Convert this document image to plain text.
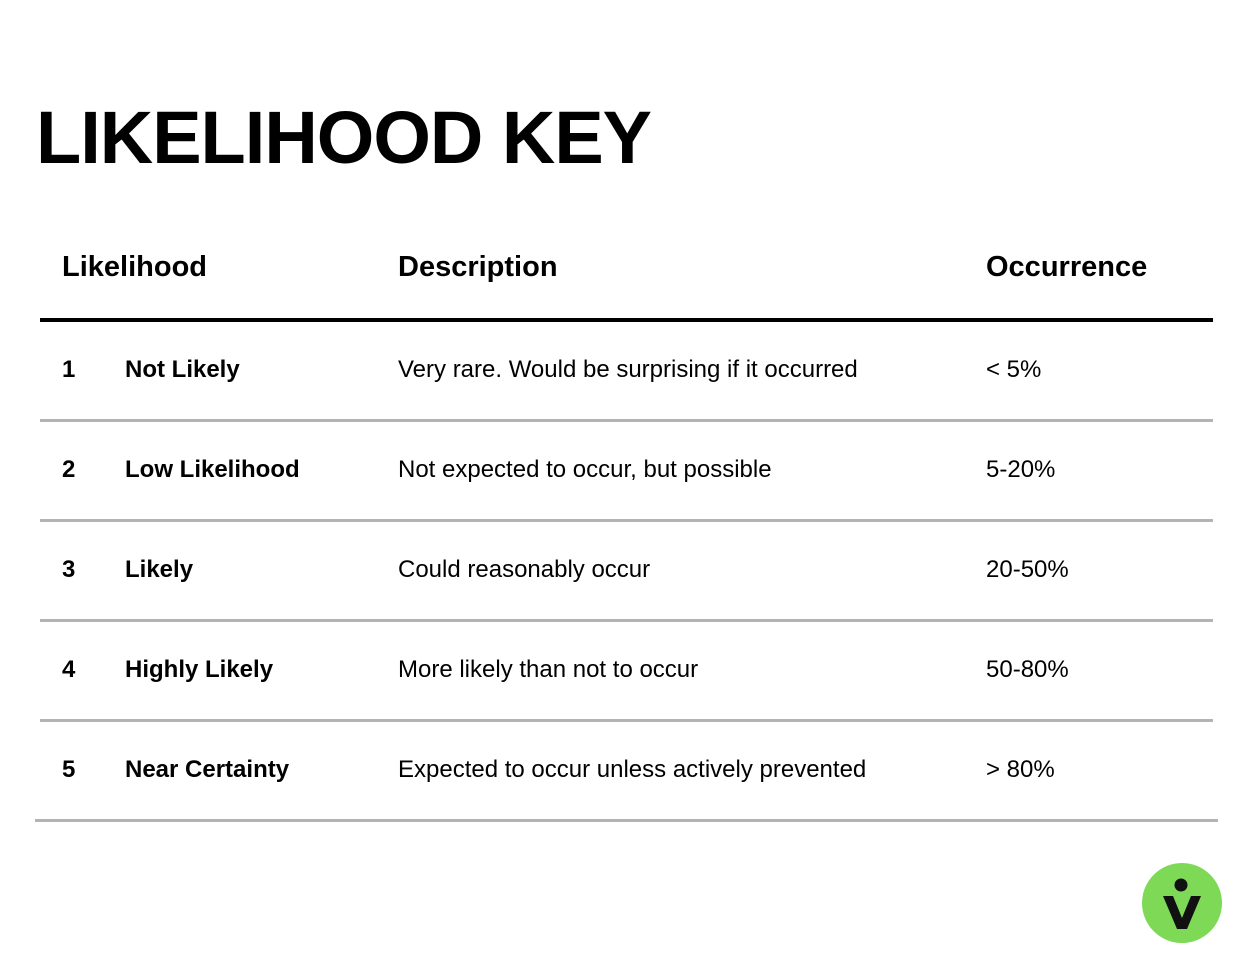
LIKELIHOOD KEY
Likelihood	Description	Occurrence
1 Not Likely	Very rare. Would be surprising if it occurred	< 5%
2 Low Likelihood	Not expected to occur, but possible	5-20%
3 Likely	Could reasonably occur	20-50%
4 Highly Likely	More likely than not to occur	50-80%
5 Near Certainty	Expected to occur unless actively prevented	> 80%
